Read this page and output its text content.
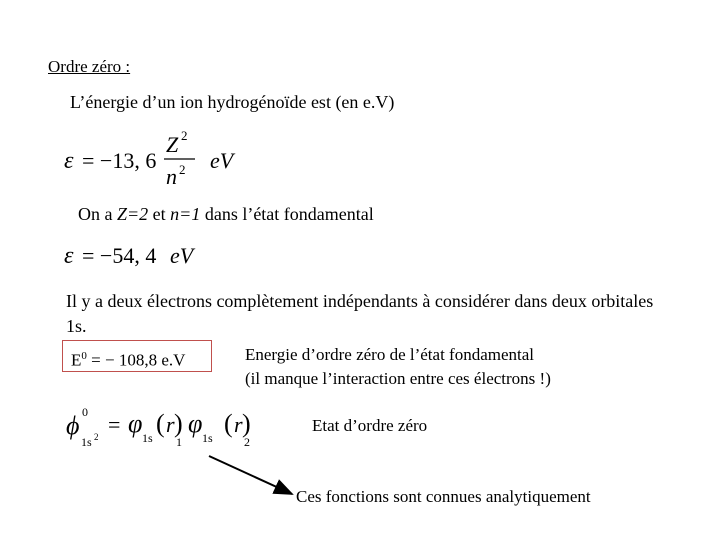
Ordre zéro :
L’énergie d’un ion hydrogénoïde est (en e.V)
ε = −13, 6
Z 2
n 2 eV
On a Z=2 et n=1 dans l’état fondamental
ε = −54, 4 eV
Il y a deux électrons complètement indépendants à considérer dans deux orbitales 1s.
$E^0$ = − 108,8 e.V	Energie d’ordre zéro de l’état fondamental
(il manque l’interaction entre ces électrons !)
ϕ 0
1s 2 = φ 1s ( r )
1
φ 1s ( r )
2
Etat d’ordre zéro
Ces fonctions sont connues analytiquement
